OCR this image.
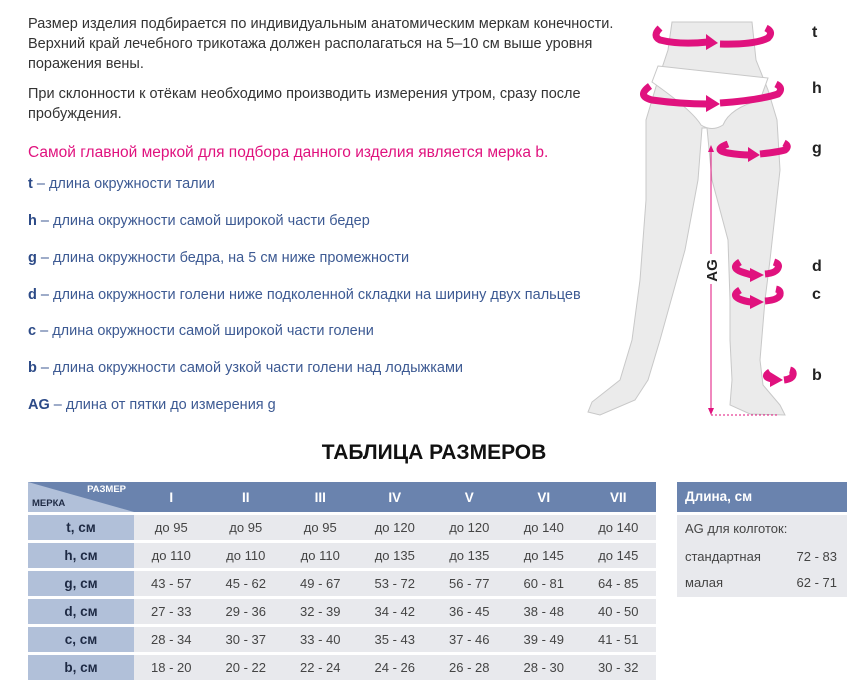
Размер изделия подбирается по индивидуальным анатомическим меркам конечности. Верхний край лечебного трикотажа должен располагаться на 5–10 см выше уровня поражения вены.

При склонности к отёкам необходимо производить измерения утром, сразу после пробуждения.

Самой главной меркой для подбора данного изделия является мерка b.
t – длина окружности талии
h – длина окружности самой широкой части бедер
g – длина окружности бедра, на 5 см ниже промежности
d – длина окружности голени ниже подколенной складки на ширину двух пальцев
c – длина окружности самой широкой части голени
b – длина окружности самой узкой части голени над лодыжками
AG – длина от пятки до измерения g
t
h
g
d
c
b
AG
ТАБЛИЦА РАЗМЕРОВ
РАЗМЕР
МЕРКА	I	II	III	IV	V	VI	VII
t, см	до 95	до 95	до 95	до 120	до 120	до 140	до 140
h, см	до 110	до 110	до 110	до 135	до 135	до 145	до 145
g, см	43 - 57	45 - 62	49 - 67	53 - 72	56 - 77	60 - 81	64 - 85
d, см	27 - 33	29 - 36	32 - 39	34 - 42	36 - 45	38 - 48	40 - 50
c, см	28 - 34	30 - 37	33 - 40	35 - 43	37 - 46	39 - 49	41 - 51
b, см	18 - 20	20 - 22	22 - 24	24 - 26	26 - 28	28 - 30	30 - 32
Длина, см
AG для колготок:
стандартная	72 - 83
малая	62 - 71
